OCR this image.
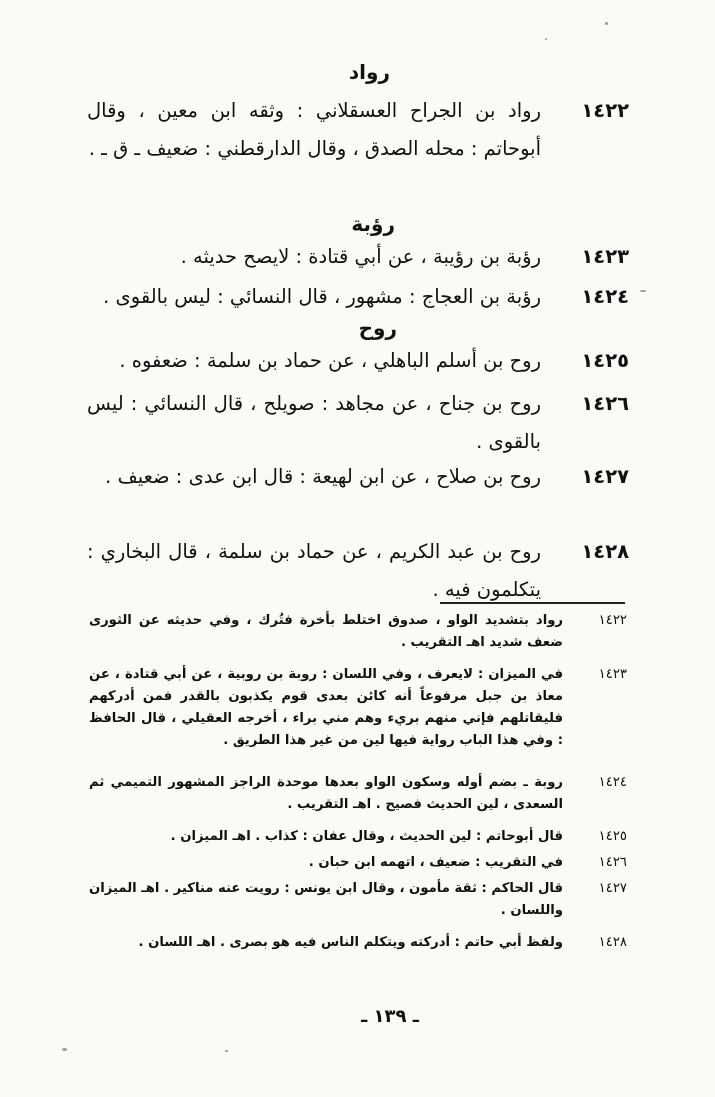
رواد
١٤٢٢
رواد بن الجراح العسقلاني : وثقه ابن معين ، وقال أبوحاتم : محله الصدق ، وقال الدارقطني : ضعيف ـ ق ـ .
رؤبة
١٤٢٣
رؤبة بن رؤيبة ، عن أبي قتادة : لايصح حديثه .
١٤٢٤
رؤبة بن العجاج : مشهور ، قال النسائي : ليس بالقوى .
روح
١٤٢٥
روح بن أسلم الباهلي ، عن حماد بن سلمة : ضعفوه .
١٤٢٦
روح بن جناح ، عن مجاهد : صويلح ، قال النسائي : ليس بالقوى .
١٤٢٧
روح بن صلاح ، عن ابن لهيعة : قال ابن عدى : ضعيف .
١٤٢٨
روح بن عبد الكريم ، عن حماد بن سلمة ، قال البخاري : يتكلمون فيه .
١٤٢٢
رواد بتشديد الواو ، صدوق اختلط بأخرة فتُرك ، وفي حديثه عن الثورى ضعف شديد اهـ التقريب .
١٤٢٣
في الميزان : لايعرف ، وفي اللسان : روبة بن روبية ، عن أبي قتادة ، عن معاذ بن جبل مرفوعاً أنه كائن بعدى قوم يكذبون بالقدر فمن أدركهم فليقاتلهم فإني منهم بريء وهم مني براء ، أخرجه العقيلي ، قال الحافظ : وفي هذا الباب رواية فيها لين من غير هذا الطريق .
١٤٢٤
روبة ـ بضم أوله وسكون الواو بعدها موحدة الراجز المشهور التميمي ثم السعدى ، لين الحديث فصيح . اهـ التقريب .
١٤٢٥
قال أبوحاتم : لين الحديث ، وقال عفان : كذاب . اهـ الميزان .
١٤٢٦
في التقريب : ضعيف ، اتهمه ابن حبان .
١٤٢٧
قال الحاكم : ثقة مأمون ، وقال ابن يونس : رويت عنه مناكير . اهـ الميزان واللسان .
١٤٢٨
ولفظ أبي حاتم : أدركته ويتكلم الناس فيه هو بصرى . اهـ اللسان .
ـ ١٣٩ ـ
